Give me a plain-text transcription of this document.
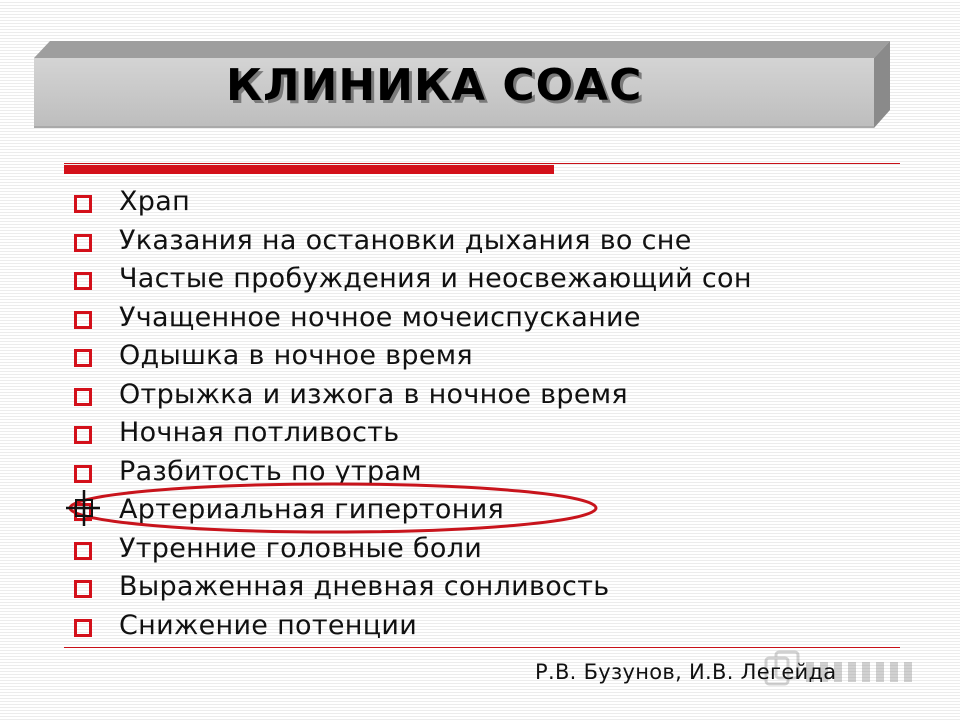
КЛИНИКА СОАС
Храп
Указания на остановки дыхания во сне
Частые пробуждения и неосвежающий сон
Учащенное ночное мочеиспускание
Одышка в ночное время
Отрыжка и изжога в ночное время
Ночная потливость
Разбитость по утрам
Артериальная гипертония
Утренние головные боли
Выраженная дневная сонливость
Снижение потенции
Р.В. Бузунов, И.В. Легейда
